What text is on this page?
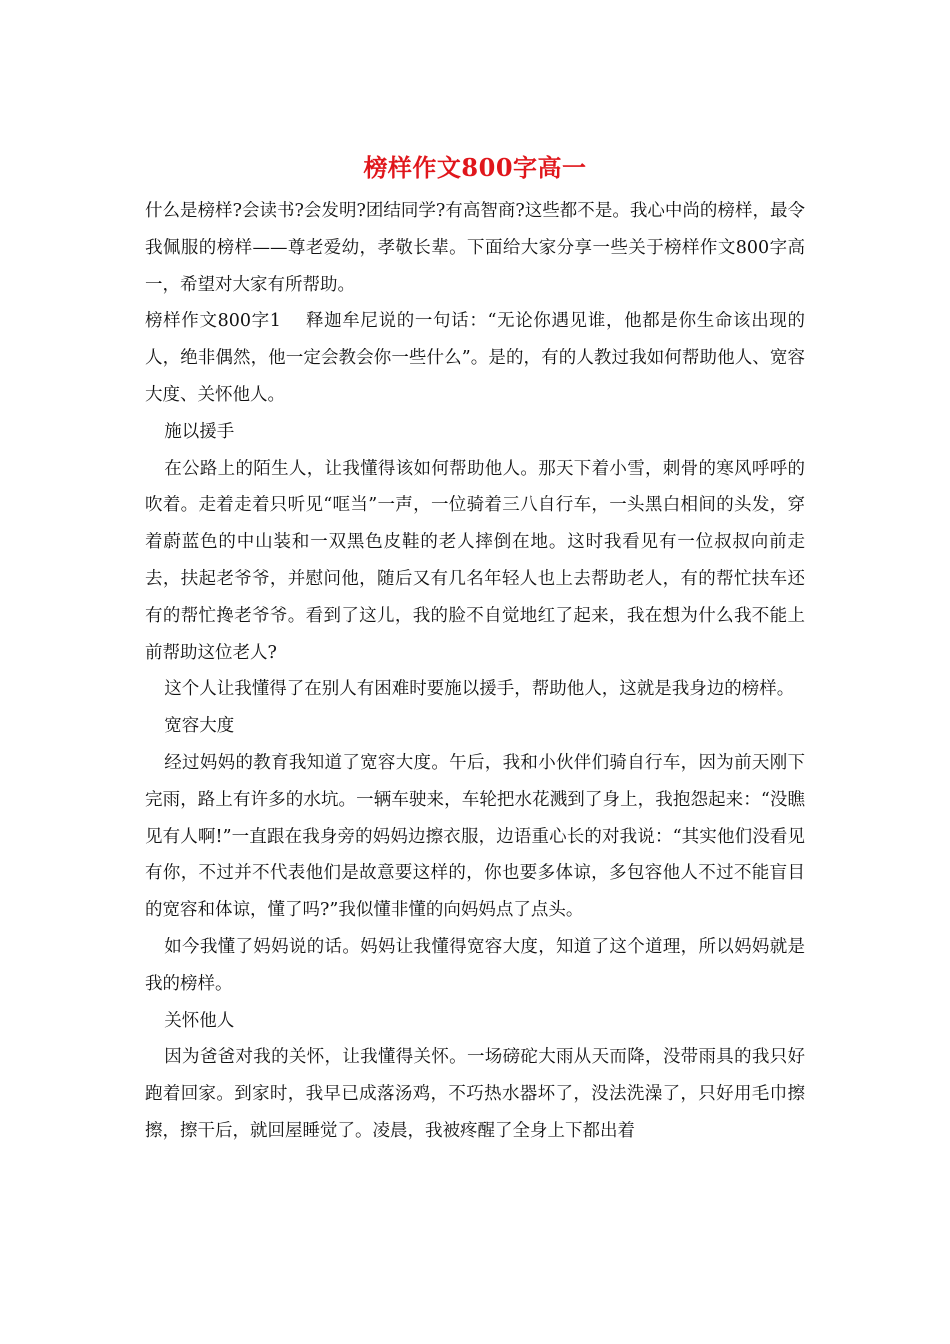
榜样作文800字高一

什么是榜样?会读书?会发明?团结同学?有高智商?这些都不是。我心中尚的榜样，最令我佩服的榜样——尊老爱幼，孝敬长辈。下面给大家分享一些关于榜样作文800字高一，希望对大家有所帮助。

榜样作文800字1　 释迦牟尼说的一句话：“无论你遇见谁，他都是你生命该出现的人，绝非偶然，他一定会教会你一些什么”。是的，有的人教过我如何帮助他人、宽容大度、关怀他人。

施以援手

在公路上的陌生人，让我懂得该如何帮助他人。那天下着小雪，刺骨的寒风呼呼的吹着。走着走着只听见“哐当”一声，一位骑着三八自行车，一头黑白相间的头发，穿着蔚蓝色的中山装和一双黑色皮鞋的老人摔倒在地。这时我看见有一位叔叔向前走去，扶起老爷爷，并慰问他，随后又有几名年轻人也上去帮助老人，有的帮忙扶车还有的帮忙搀老爷爷。看到了这儿，我的脸不自觉地红了起来，我在想为什么我不能上前帮助这位老人?

这个人让我懂得了在别人有困难时要施以援手，帮助他人，这就是我身边的榜样。

宽容大度

经过妈妈的教育我知道了宽容大度。午后，我和小伙伴们骑自行车，因为前天刚下完雨，路上有许多的水坑。一辆车驶来，车轮把水花溅到了身上，我抱怨起来：“没瞧见有人啊!”一直跟在我身旁的妈妈边擦衣服，边语重心长的对我说：“其实他们没看见有你，不过并不代表他们是故意要这样的，你也要多体谅，多包容他人不过不能盲目的宽容和体谅，懂了吗?”我似懂非懂的向妈妈点了点头。

如今我懂了妈妈说的话。妈妈让我懂得宽容大度，知道了这个道理，所以妈妈就是我的榜样。

关怀他人

因为爸爸对我的关怀，让我懂得关怀。一场磅砣大雨从天而降，没带雨具的我只好跑着回家。到家时，我早已成落汤鸡，不巧热水器坏了，没法洗澡了，只好用毛巾擦擦，擦干后，就回屋睡觉了。凌晨，我被疼醒了全身上下都出着
